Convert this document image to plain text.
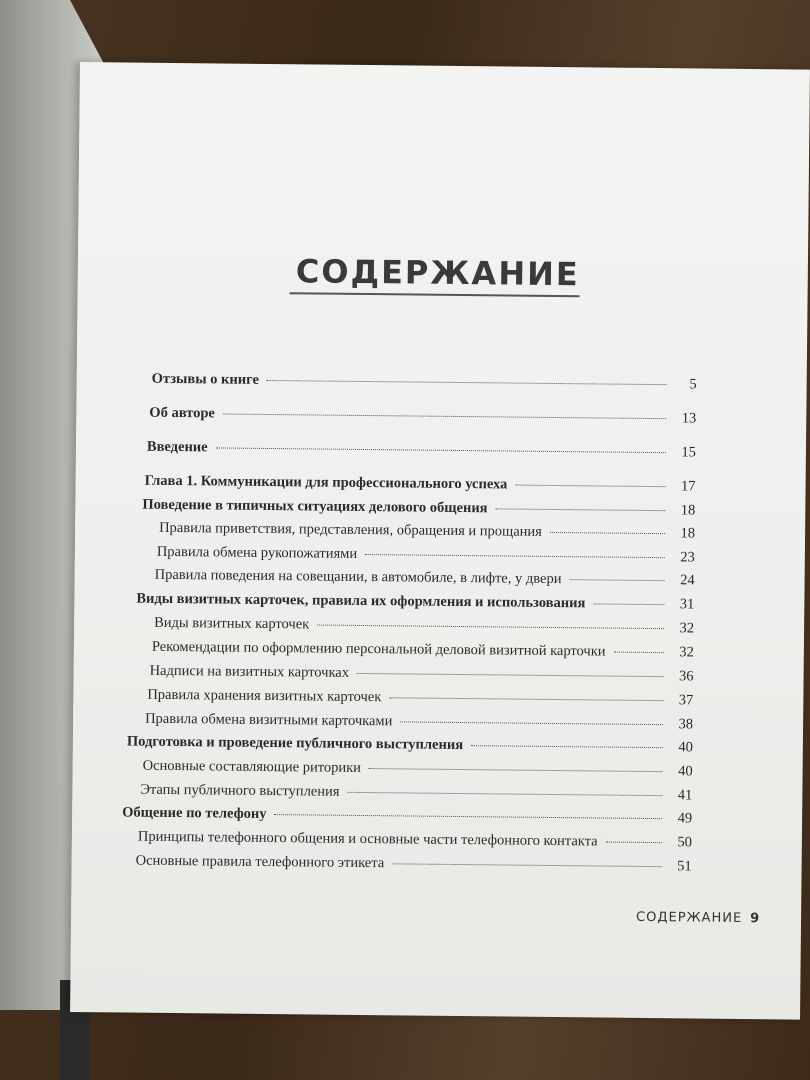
СОДЕРЖАНИЕ
Отзывы о книге	5
Об авторе	13
Введение	15
Глава 1. Коммуникации для профессионального успеха	17
Поведение в типичных ситуациях делового общения	18
Правила приветствия, представления, обращения и прощания	18
Правила обмена рукопожатиями	23
Правила поведения на совещании, в автомобиле, в лифте, у двери	24
Виды визитных карточек, правила их оформления и использования	31
Виды визитных карточек	32
Рекомендации по оформлению персональной деловой визитной карточки	32
Надписи на визитных карточках	36
Правила хранения визитных карточек	37
Правила обмена визитными карточками	38
Подготовка и проведение публичного выступления	40
Основные составляющие риторики	40
Этапы публичного выступления	41
Общение по телефону	49
Принципы телефонного общения и основные части телефонного контакта	50
Основные правила телефонного этикета	51
СОДЕРЖАНИЕ 9
